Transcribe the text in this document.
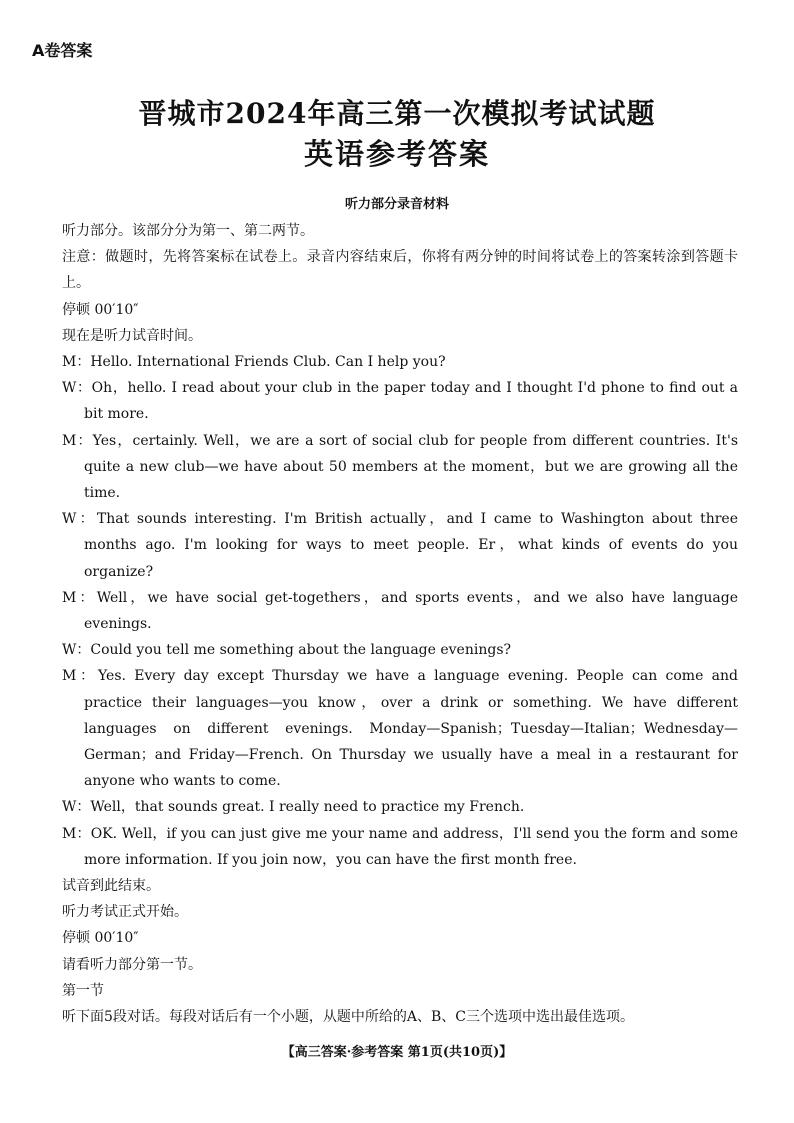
A卷答案
晋城市2024年高三第一次模拟考试试题
英语参考答案
听力部分录音材料

听力部分。该部分分为第一、第二两节。

注意：做题时，先将答案标在试卷上。录音内容结束后，你将有两分钟的时间将试卷上的答案转涂到答题卡上。

停顿 00′10″

现在是听力试音时间。

M：Hello. International Friends Club. Can I help you?

W：Oh，hello. I read about your club in the paper today and I thought I'd phone to find out a bit more.

M：Yes，certainly. Well，we are a sort of social club for people from different countries. It's quite a new club—we have about 50 members at the moment，but we are growing all the time.

W：That sounds interesting. I'm British actually，and I came to Washington about three months ago. I'm looking for ways to meet people. Er，what kinds of events do you organize?

M：Well，we have social get-togethers，and sports events，and we also have language evenings.

W：Could you tell me something about the language evenings?

M：Yes. Every day except Thursday we have a language evening. People can come and practice their languages—you know，over a drink or something. We have different languages on different evenings. Monday—Spanish；Tuesday—Italian；Wednesday—German；and Friday—French. On Thursday we usually have a meal in a restaurant for anyone who wants to come.

W：Well，that sounds great. I really need to practice my French.

M：OK. Well，if you can just give me your name and address，I'll send you the form and some more information. If you join now，you can have the first month free.

试音到此结束。

听力考试正式开始。

停顿 00′10″

请看听力部分第一节。

第一节

听下面5段对话。每段对话后有一个小题，从题中所给的A、B、C三个选项中选出最佳选项。

【高三答案·参考答案 第1页(共10页)】
